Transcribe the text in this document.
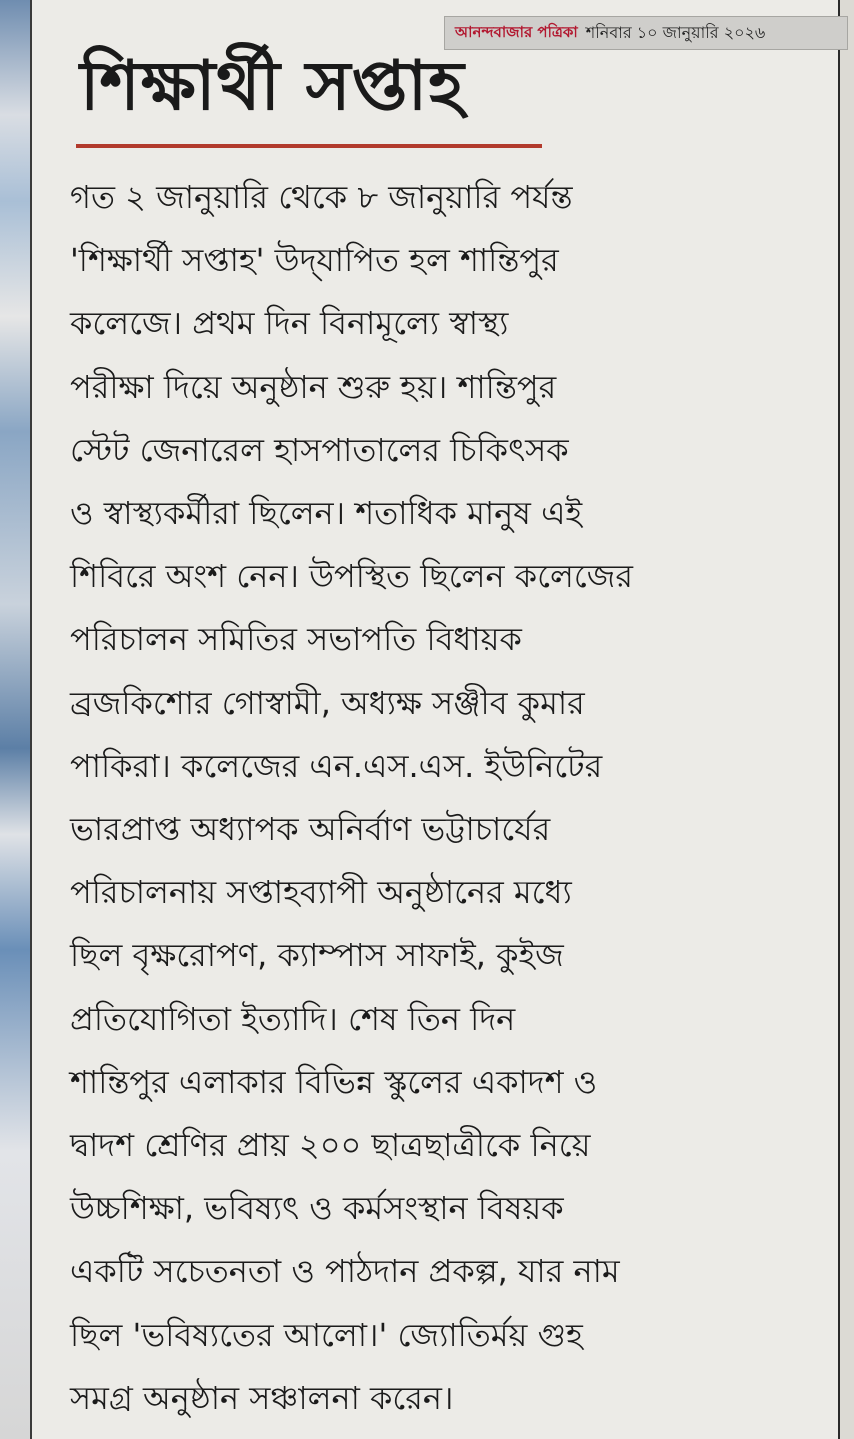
আনন্দবাজার পত্রিকা শনিবার ১০ জানুয়ারি ২০২৬
শিক্ষার্থী সপ্তাহ

গত ২ জানুয়ারি থেকে ৮ জানুয়ারি পর্যন্ত
'শিক্ষার্থী সপ্তাহ' উদ্‌যাপিত হল শান্তিপুর
কলেজে। প্রথম দিন বিনামূল্যে স্বাস্থ্য
পরীক্ষা দিয়ে অনুষ্ঠান শুরু হয়। শান্তিপুর
স্টেট জেনারেল হাসপাতালের চিকিৎসক
ও স্বাস্থ্যকর্মীরা ছিলেন। শতাধিক মানুষ এই
শিবিরে অংশ নেন। উপস্থিত ছিলেন কলেজের
পরিচালন সমিতির সভাপতি বিধায়ক
ব্রজকিশোর গোস্বামী, অধ্যক্ষ সঞ্জীব কুমার
পাকিরা। কলেজের এন.এস.এস. ইউনিটের
ভারপ্রাপ্ত অধ্যাপক অনির্বাণ ভট্টাচার্যের
পরিচালনায় সপ্তাহব্যাপী অনুষ্ঠানের মধ্যে
ছিল বৃক্ষরোপণ, ক্যাম্পাস সাফাই, কুইজ
প্রতিযোগিতা ইত্যাদি। শেষ তিন দিন
শান্তিপুর এলাকার বিভিন্ন স্কুলের একাদশ ও
দ্বাদশ শ্রেণির প্রায় ২০০ ছাত্রছাত্রীকে নিয়ে
উচ্চশিক্ষা, ভবিষ্যৎ ও কর্মসংস্থান বিষয়ক
একটি সচেতনতা ও পাঠদান প্রকল্প, যার নাম
ছিল 'ভবিষ্যতের আলো।' জ্যোতির্ময় গুহ
সমগ্র অনুষ্ঠান সঞ্চালনা করেন।
